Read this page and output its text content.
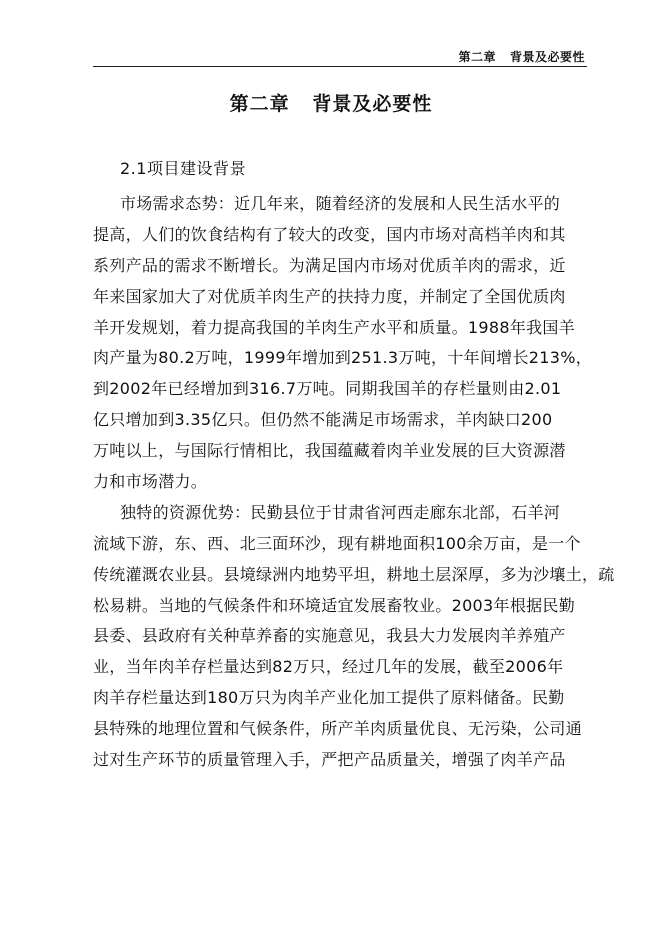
第二章   背景及必要性
第二章   背景及必要性
2.1项目建设背景
市场需求态势：近几年来，随着经济的发展和人民生活水平的
提高，人们的饮食结构有了较大的改变，国内市场对高档羊肉和其
系列产品的需求不断增长。为满足国内市场对优质羊肉的需求，近
年来国家加大了对优质羊肉生产的扶持力度，并制定了全国优质肉
羊开发规划，着力提高我国的羊肉生产水平和质量。1988年我国羊
肉产量为80.2万吨，1999年增加到251.3万吨，十年间增长213%，
到2002年已经增加到316.7万吨。同期我国羊的存栏量则由2.01
亿只增加到3.35亿只。但仍然不能满足市场需求，羊肉缺口200
万吨以上，与国际行情相比，我国蕴藏着肉羊业发展的巨大资源潜
力和市场潜力。
独特的资源优势：民勤县位于甘肃省河西走廊东北部，石羊河
流域下游，东、西、北三面环沙，现有耕地面积100余万亩，是一个
传统灌溉农业县。县境绿洲内地势平坦，耕地土层深厚，多为沙壤土，疏
松易耕。当地的气候条件和环境适宜发展畜牧业。2003年根据民勤
县委、县政府有关种草养畜的实施意见，我县大力发展肉羊养殖产
业，当年肉羊存栏量达到82万只，经过几年的发展，截至2006年
肉羊存栏量达到180万只为肉羊产业化加工提供了原料储备。民勤
县特殊的地理位置和气候条件，所产羊肉质量优良、无污染，公司通
过对生产环节的质量管理入手，严把产品质量关，增强了肉羊产品
